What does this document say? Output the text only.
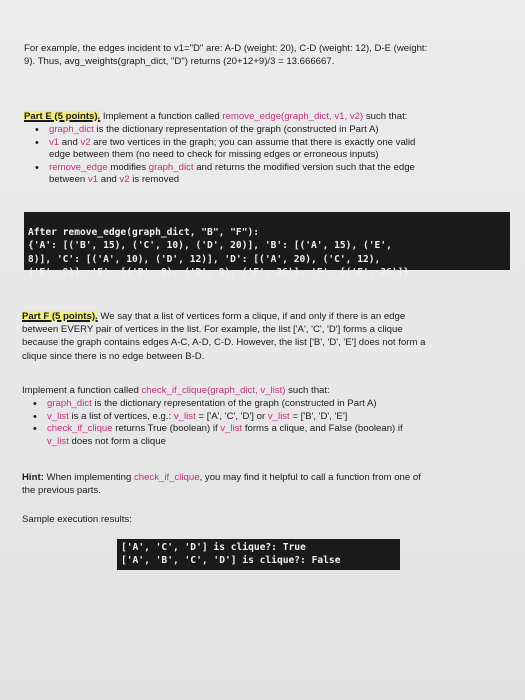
For example, the edges incident to v1="D" are: A-D (weight: 20), C-D (weight: 12), D-E (weight:
9). Thus, avg_weights(graph_dict, "D") returns (20+12+9)/3 = 13.666667.
Part E (5 points). Implement a function called remove_edge(graph_dict, v1, v2) such that:
• graph_dict is the dictionary representation of the graph (constructed in Part A)
• v1 and v2 are two vertices in the graph; you can assume that there is exactly one valid
edge between them (no need to check for missing edges or erroneous inputs)
• remove_edge modifies graph_dict and returns the modified version such that the edge
between v1 and v2 is removed

After remove_edge(graph_dict, "B", "F"):
{'A': [('B', 15), ('C', 10), ('D', 20)], 'B': [('A', 15), ('E',
8)], 'C': [('A', 10), ('D', 12)], 'D': [('A', 20), ('C', 12),
('E', 9)], 'E': [('B', 8), ('D', 9), ('F', 26)], 'F': [('E', 26)]}
Part F (5 points). We say that a list of vertices form a clique, if and only if there is an edge
between EVERY pair of vertices in the list. For example, the list ['A', 'C', 'D'] forms a clique
because the graph contains edges A-C, A-D, C-D. However, the list ['B', 'D', 'E'] does not form a
clique since there is no edge between B-D.
Implement a function called check_if_clique(graph_dict, v_list) such that:
• graph_dict is the dictionary representation of the graph (constructed in Part A)
• v_list is a list of vertices, e.g.: v_list = ['A', 'C', 'D'] or v_list = ['B', 'D', 'E']
• check_if_clique returns True (boolean) if v_list forms a clique, and False (boolean) if
v_list does not form a clique
Hint: When implementing check_if_clique, you may find it helpful to call a function from one of
the previous parts.
Sample execution results:
['A', 'C', 'D'] is clique?: True
['A', 'B', 'C', 'D'] is clique?: False
